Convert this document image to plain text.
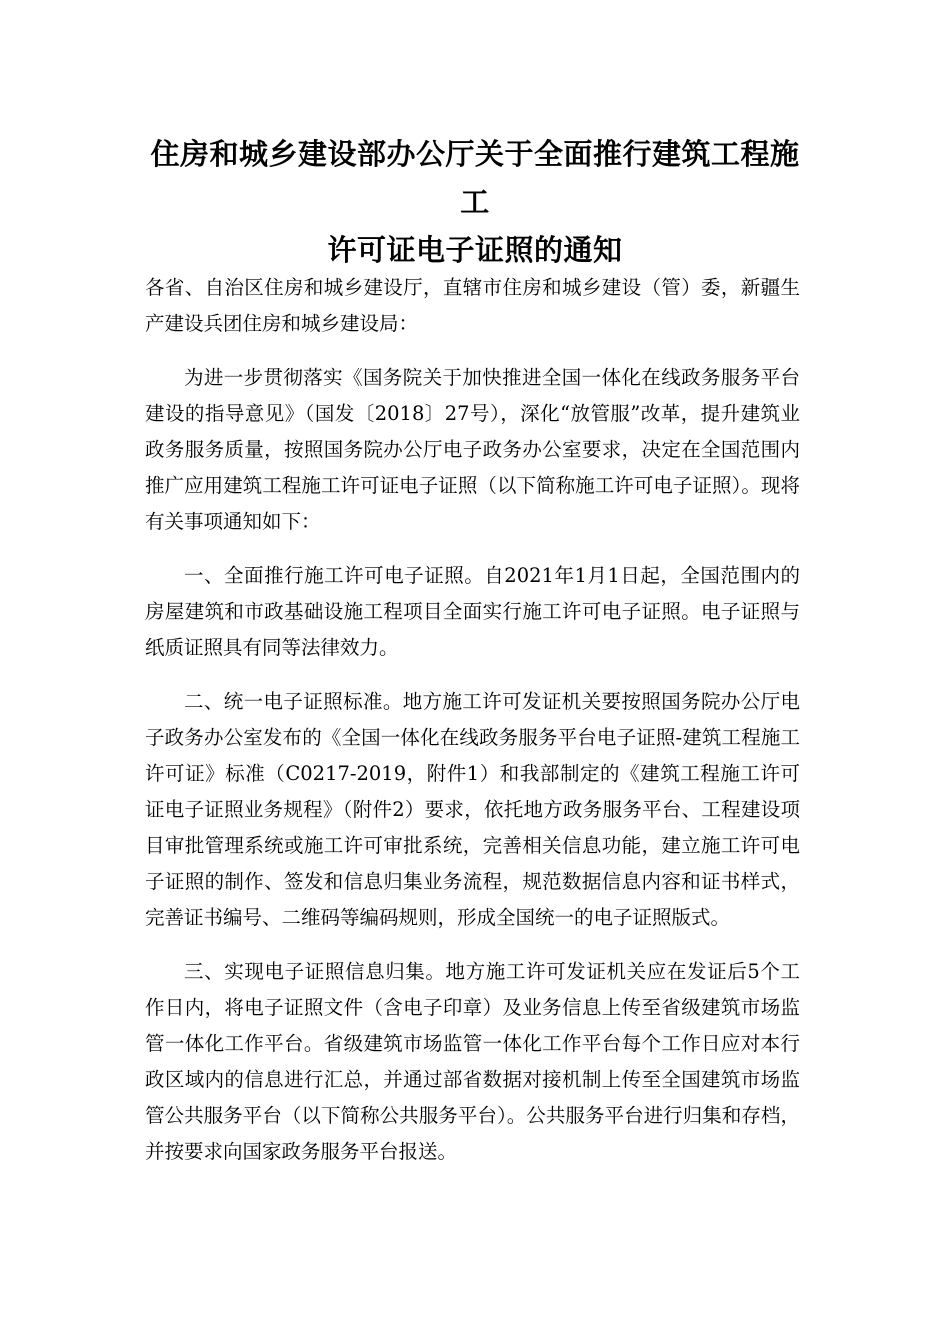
住房和城乡建设部办公厅关于全面推行建筑工程施工
许可证电子证照的通知

各省、自治区住房和城乡建设厅，直辖市住房和城乡建设（管）委，新疆生产建设兵团住房和城乡建设局：

为进一步贯彻落实《国务院关于加快推进全国一体化在线政务服务平台建设的指导意见》（国发〔2018〕27号），深化“放管服”改革，提升建筑业政务服务质量，按照国务院办公厅电子政务办公室要求，决定在全国范围内推广应用建筑工程施工许可证电子证照（以下简称施工许可电子证照）。现将有关事项通知如下：

一、全面推行施工许可电子证照。自2021年1月1日起，全国范围内的房屋建筑和市政基础设施工程项目全面实行施工许可电子证照。电子证照与纸质证照具有同等法律效力。

二、统一电子证照标准。地方施工许可发证机关要按照国务院办公厅电子政务办公室发布的《全国一体化在线政务服务平台电子证照-建筑工程施工许可证》标准（C0217-2019，附件1）和我部制定的《建筑工程施工许可证电子证照业务规程》（附件2）要求，依托地方政务服务平台、工程建设项目审批管理系统或施工许可审批系统，完善相关信息功能，建立施工许可电子证照的制作、签发和信息归集业务流程，规范数据信息内容和证书样式，完善证书编号、二维码等编码规则，形成全国统一的电子证照版式。

三、实现电子证照信息归集。地方施工许可发证机关应在发证后5个工作日内，将电子证照文件（含电子印章）及业务信息上传至省级建筑市场监管一体化工作平台。省级建筑市场监管一体化工作平台每个工作日应对本行政区域内的信息进行汇总，并通过部省数据对接机制上传至全国建筑市场监管公共服务平台（以下简称公共服务平台）。公共服务平台进行归集和存档，并按要求向国家政务服务平台报送。
